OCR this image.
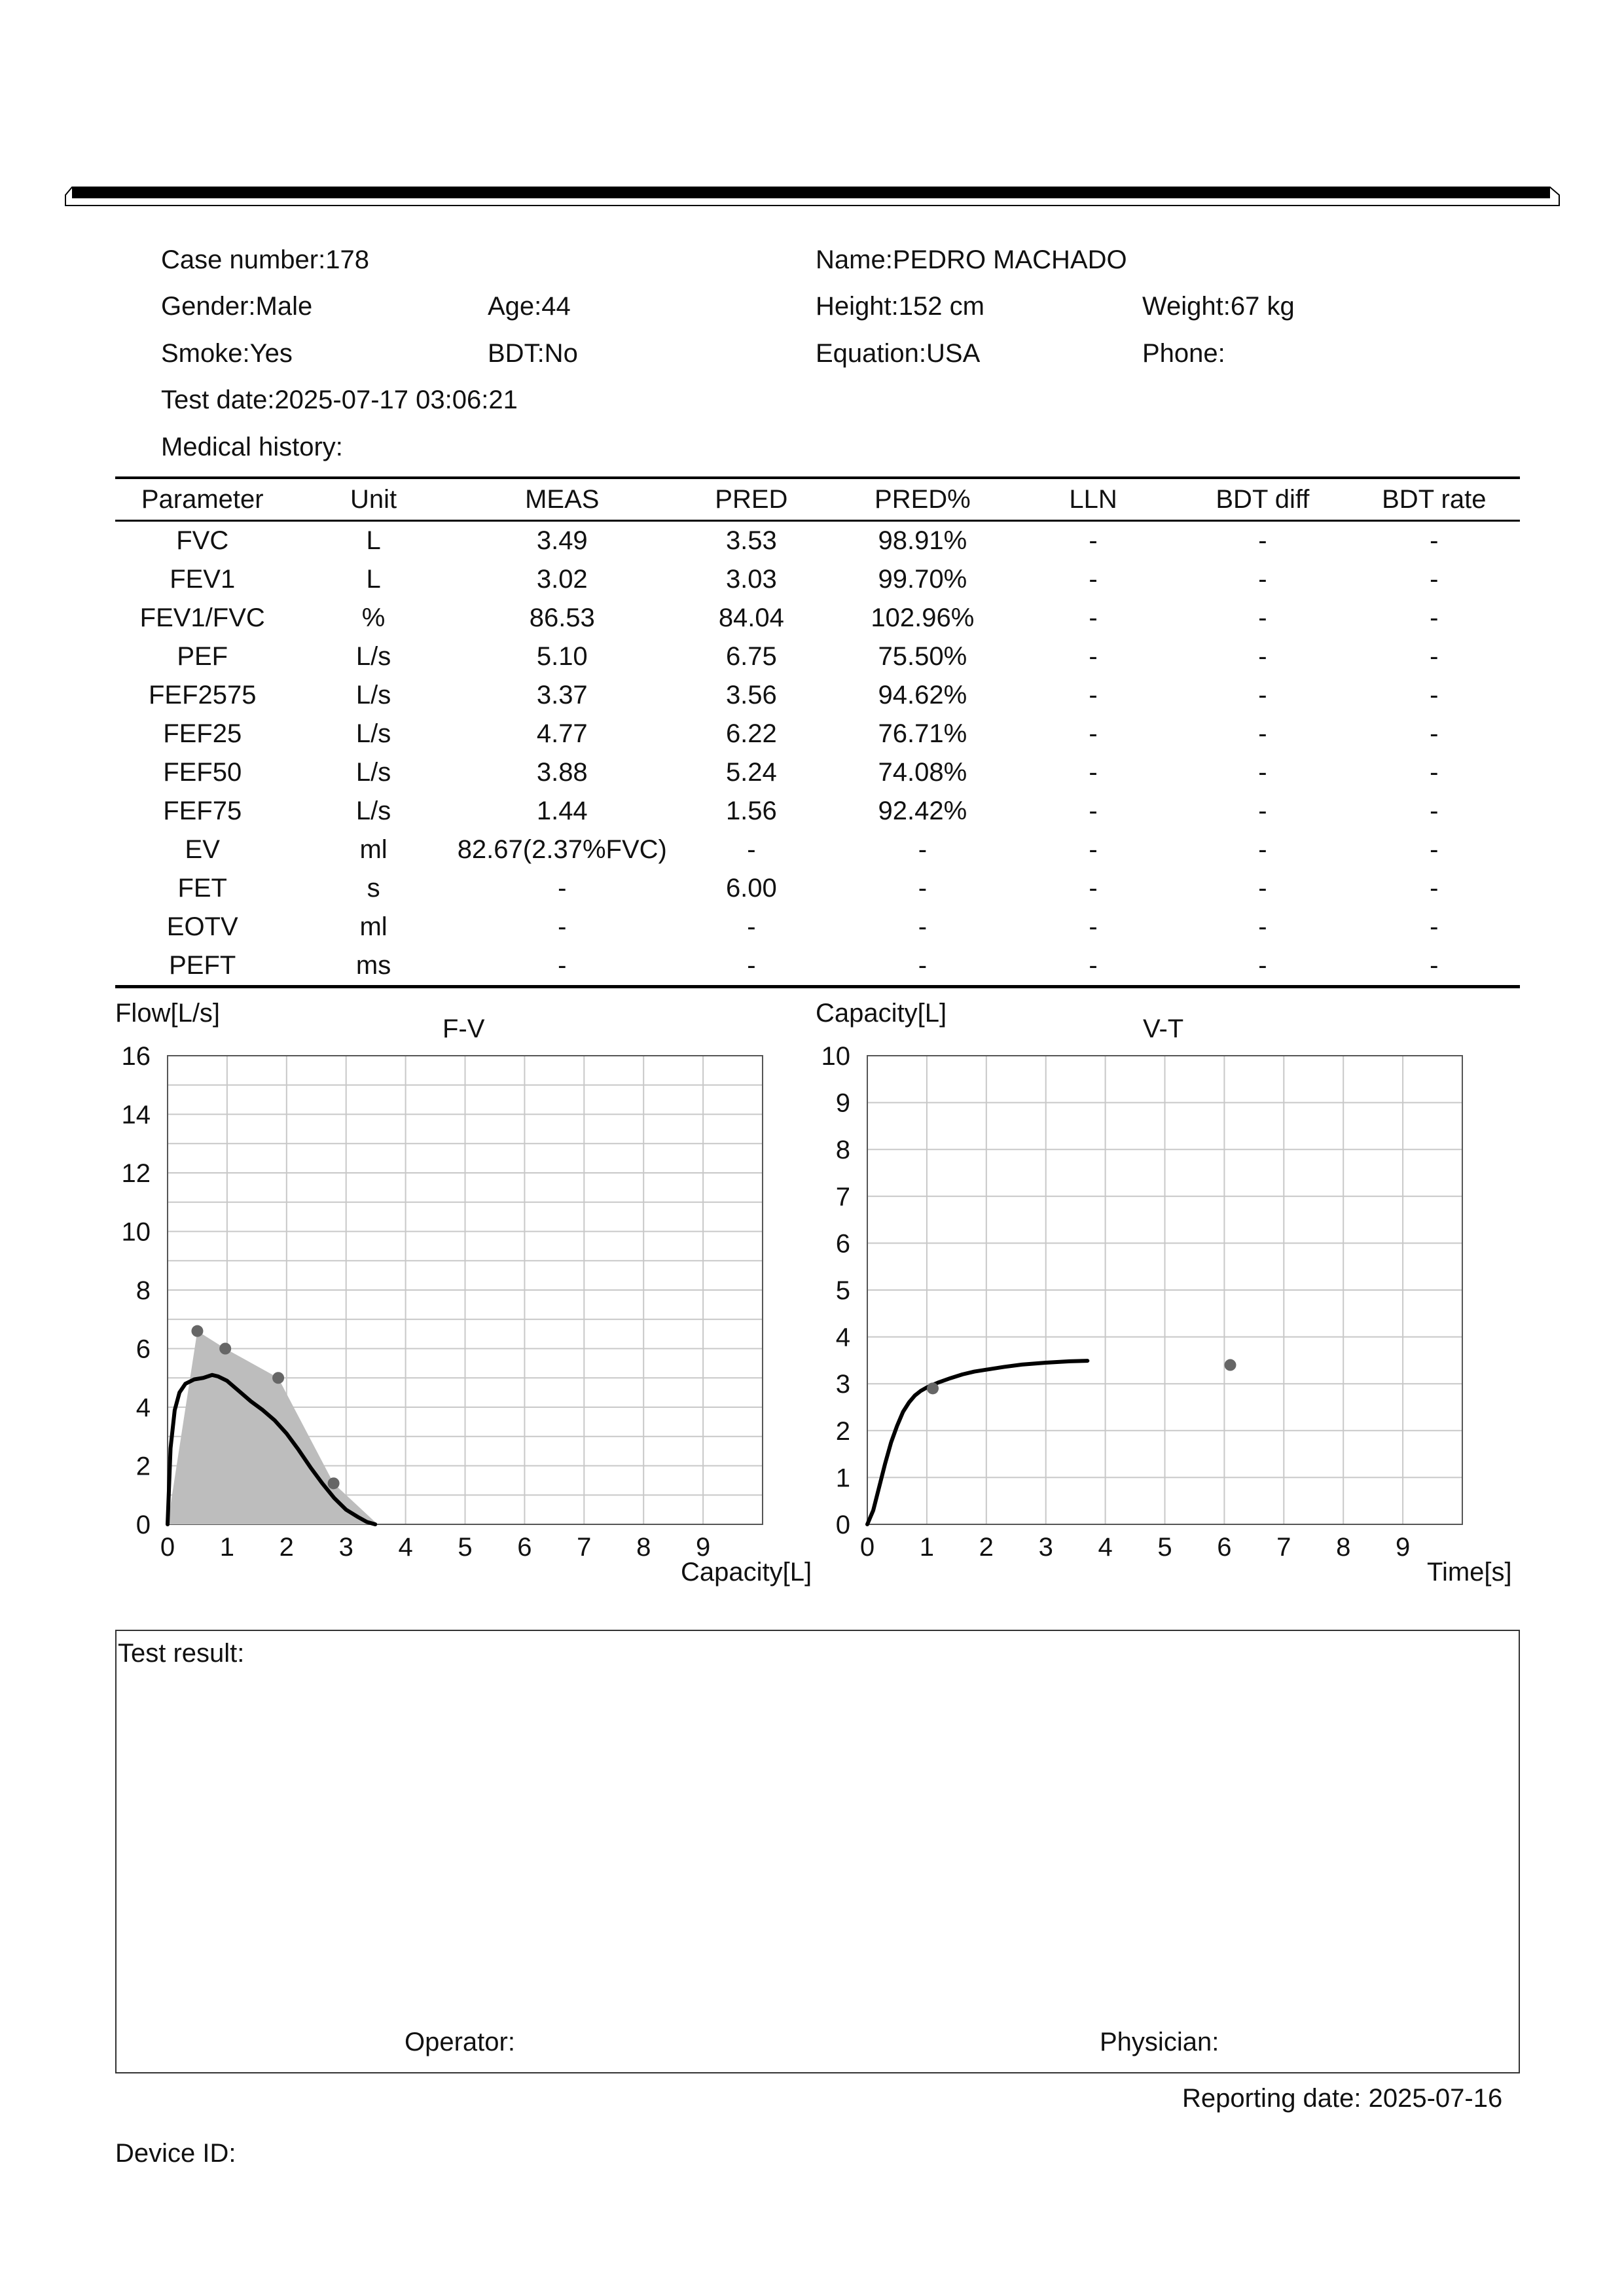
Case number:178	Name:PEDRO MACHADO
Gender:Male	Age:44	Height:152 cm	Weight:67 kg
Smoke:Yes	BDT:No	Equation:USA	Phone:
Test date:2025-07-17 03:06:21
Medical history:
Parameter	Unit	MEAS	PRED	PRED%	LLN	BDT diff	BDT rate
FVC	L	3.49	3.53	98.91%	-	-	-
FEV1	L	3.02	3.03	99.70%	-	-	-
FEV1/FVC	%	86.53	84.04	102.96%	-	-	-
PEF	L/s	5.10	6.75	75.50%	-	-	-
FEF2575	L/s	3.37	3.56	94.62%	-	-	-
FEF25	L/s	4.77	6.22	76.71%	-	-	-
FEF50	L/s	3.88	5.24	74.08%	-	-	-
FEF75	L/s	1.44	1.56	92.42%	-	-	-
EV	ml	82.67(2.37%FVC)	-	-	-	-	-
FET	s	-	6.00	-	-	-	-
EOTV	ml	-	-	-	-	-	-
PEFT	ms	-	-	-	-	-	-
Flow[L/s]
F-V
Capacity[L]
0 1 2 3 4 5 6 7 8 9
0
2
4
6
8
10
12
14
16
Capacity[L]
V-T
Time[s]
0 1 2 3 4 5 6 7 8 9
0
1
2
3
4
5
6
7
8
9
10
Test result:
Operator:	Physician:
Reporting date: 2025-07-16
Device ID:
